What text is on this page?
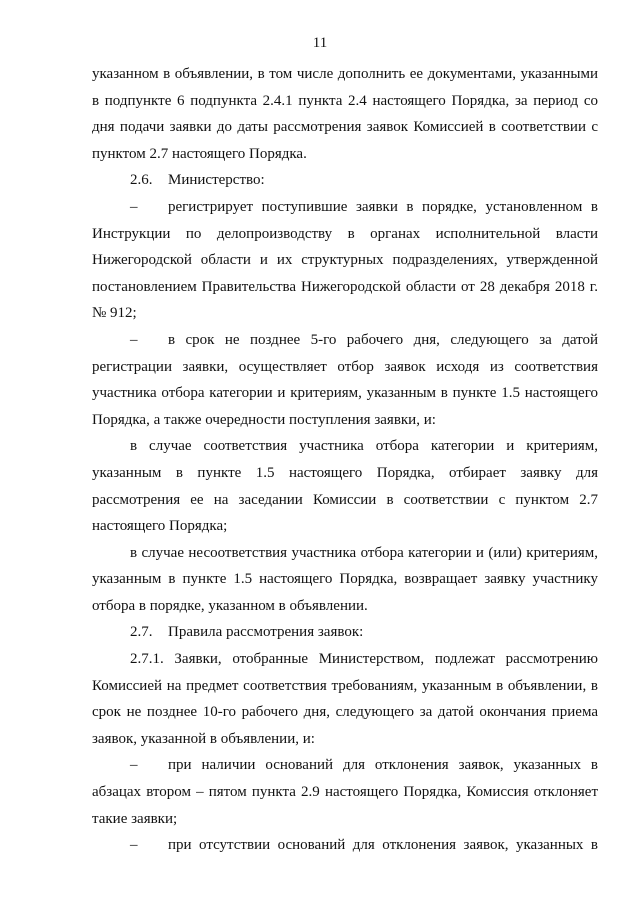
11

указанном в объявлении, в том числе дополнить ее документами, указанными в подпункте 6 подпункта 2.4.1 пункта 2.4 настоящего Порядка, за период со дня подачи заявки до даты рассмотрения заявок Комиссией в соответствии с пунктом 2.7 настоящего Порядка.

2.6.	Министерство:

–	регистрирует поступившие заявки в порядке, установленном в

Инструкции по делопроизводству в органах исполнительной власти Нижегородской области и их структурных подразделениях, утвержденной постановлением Правительства Нижегородской области от 28 декабря 2018 г. № 912;

–	в срок не позднее 5-го рабочего дня, следующего за датой

регистрации заявки, осуществляет отбор заявок исходя из соответствия участника отбора категории и критериям, указанным в пункте 1.5 настоящего Порядка, а также очередности поступления заявки, и:

в случае соответствия участника отбора категории и критериям, указанным в пункте 1.5 настоящего Порядка, отбирает заявку для рассмотрения ее на заседании Комиссии в соответствии с пунктом 2.7 настоящего Порядка;

в случае несоответствия участника отбора категории и (или) критериям, указанным в пункте 1.5 настоящего Порядка, возвращает заявку участнику отбора в порядке, указанном в объявлении.

2.7.	Правила рассмотрения заявок:

2.7.1. Заявки, отобранные Министерством, подлежат рассмотрению Комиссией на предмет соответствия требованиям, указанным в объявлении, в срок не позднее 10-го рабочего дня, следующего за датой окончания приема заявок, указанной в объявлении, и:

–	при наличии оснований для отклонения заявок, указанных в

абзацах втором – пятом пункта 2.9 настоящего Порядка, Комиссия отклоняет такие заявки;

–	при отсутствии оснований для отклонения заявок, указанных в
